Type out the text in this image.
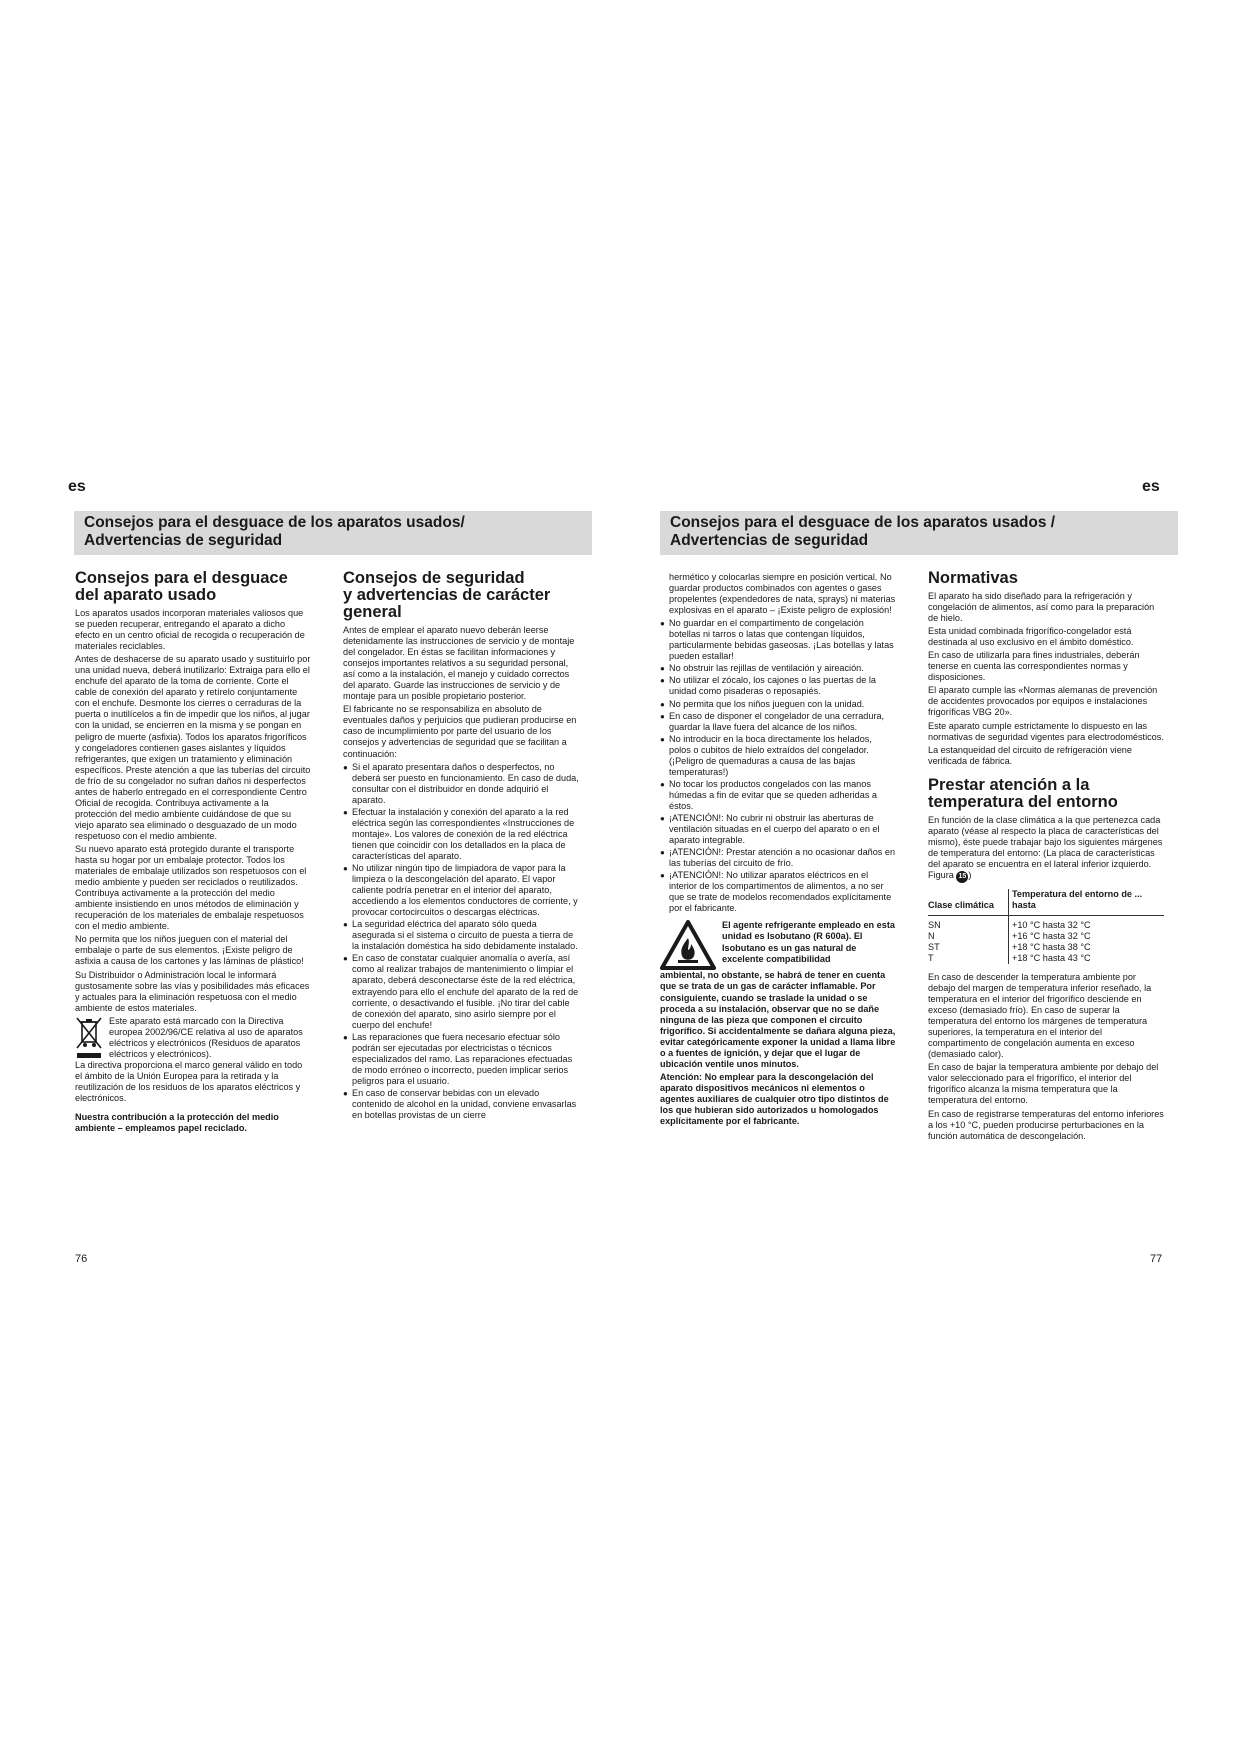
es	es
Consejos para el desguace de los aparatos usados/
Advertencias de seguridad
Consejos para el desguace de los aparatos usados /
Advertencias de seguridad
Consejos para el desguace
del aparato usado

Los aparatos usados incorporan materiales valiosos que se pueden recuperar, entregando el aparato a dicho efecto en un centro oficial de recogida o recuperación de materiales reciclables.

Antes de deshacerse de su aparato usado y sustituirlo por una unidad nueva, deberá inutilizarlo: Extraiga para ello el enchufe del aparato de la toma de corriente. Corte el cable de conexión del aparato y retírelo conjuntamente con el enchufe. Desmonte los cierres o cerraduras de la puerta o inutilícelos a fin de impedir que los niños, al jugar con la unidad, se encierren en la misma y se pongan en peligro de muerte (asfixia). Todos los aparatos frigoríficos y congeladores contienen gases aislantes y líquidos refrigerantes, que exigen un tratamiento y eliminación específicos. Preste atención a que las tuberías del circuito de frío de su congelador no sufran daños ni desperfectos antes de haberlo entregado en el correspondiente Centro Oficial de recogida. Contribuya activamente a la protección del medio ambiente cuidándose de que su viejo aparato sea eliminado o desguazado de un modo respetuoso con el medio ambiente.

Su nuevo aparato está protegido durante el transporte hasta su hogar por un embalaje protector. Todos los materiales de embalaje utilizados son respetuosos con el medio ambiente y pueden ser reciclados o reutilizados. Contribuya activamente a la protección del medio ambiente insistiendo en unos métodos de eliminación y recuperación de los materiales de embalaje respetuosos con el medio ambiente.

No permita que los niños jueguen con el material del embalaje o parte de sus elementos. ¡Existe peligro de asfixia a causa de los cartones y las láminas de plástico!

Su Distribuidor o Administración local le informará gustosamente sobre las vías y posibilidades más eficaces y actuales para la eliminación respetuosa con el medio ambiente de estos materiales.

Este aparato está marcado con la Directiva europea 2002/96/CE relativa al uso de aparatos eléctricos y electrónicos (Residuos de aparatos eléctricos y electrónicos).

La directiva proporciona el marco general válido en todo el ámbito de la Unión Europea para la retirada y la reutilización de los residuos de los aparatos eléctricos y electrónicos.

Nuestra contribución a la protección del medio ambiente – empleamos papel reciclado.

Consejos de seguridad
y advertencias de carácter
general

Antes de emplear el aparato nuevo deberán leerse detenidamente las instrucciones de servicio y de montaje del congelador. En éstas se facilitan informaciones y consejos importantes relativos a su seguridad personal, así como a la instalación, el manejo y cuidado correctos del aparato. Guarde las instrucciones de servicio y de montaje para un posible propietario posterior.

El fabricante no se responsabiliza en absoluto de eventuales daños y perjuicios que pudieran producirse en caso de incumplimiento por parte del usuario de los consejos y advertencias de seguridad que se facilitan a continuación:

● Si el aparato presentara daños o desperfectos, no deberá ser puesto en funcionamiento. En caso de duda, consultar con el distribuidor en donde adquirió el aparato.
● Efectuar la instalación y conexión del aparato a la red eléctrica según las correspondientes «Instrucciones de montaje». Los valores de conexión de la red eléctrica tienen que coincidir con los detallados en la placa de características del aparato.
● No utilizar ningún tipo de limpiadora de vapor para la limpieza o la descongelación del aparato. El vapor caliente podría penetrar en el interior del aparato, accediendo a los elementos conductores de corriente, y provocar cortocircuitos o descargas eléctricas.
● La seguridad eléctrica del aparato sólo queda asegurada si el sistema o circuito de puesta a tierra de la instalación doméstica ha sido debidamente instalado.
● En caso de constatar cualquier anomalía o avería, así como al realizar trabajos de mantenimiento o limpiar el aparato, deberá desconectarse éste de la red eléctrica, extrayendo para ello el enchufe del aparato de la red de corriente, o desactivando el fusible. ¡No tirar del cable de conexión del aparato, sino asirlo siempre por el cuerpo del enchufe!
● Las reparaciones que fuera necesario efectuar sólo podrán ser ejecutadas por electricistas o técnicos especializados del ramo. Las reparaciones efectuadas de modo erróneo o incorrecto, pueden implicar serios peligros para el usuario.
● En caso de conservar bebidas con un elevado contenido de alcohol en la unidad, conviene envasarlas en botellas provistas de un cierre
76

hermético y colocarlas siempre en posición vertical. No guardar productos combinados con agentes o gases propelentes (expendedores de nata, sprays) ni materias explosivas en el aparato – ¡Existe peligro de explosión!

● No guardar en el compartimento de congelación botellas ni tarros o latas que contengan líquidos, particularmente bebidas gaseosas. ¡Las botellas y latas pueden estallar!
● No obstruir las rejillas de ventilación y aireación.
● No utilizar el zócalo, los cajones o las puertas de la unidad como pisaderas o reposapiés.
● No permita que los niños jueguen con la unidad.
● En caso de disponer el congelador de una cerradura, guardar la llave fuera del alcance de los niños.
● No introducir en la boca directamente los helados, polos o cubitos de hielo extraídos del congelador. (¡Peligro de quemaduras a causa de las bajas temperaturas!)
● No tocar los productos congelados con las manos húmedas a fin de evitar que se queden adheridas a éstos.
● ¡ATENCIÓN!: No cubrir ni obstruir las aberturas de ventilación situadas en el cuerpo del aparato o en el aparato integrable.
● ¡ATENCIÓN!: Prestar atención a no ocasionar daños en las tuberías del circuito de frío.
● ¡ATENCIÓN!: No utilizar aparatos eléctricos en el interior de los compartimentos de alimentos, a no ser que se trate de modelos recomendados explícitamente por el fabricante.
El agente refrigerante empleado en esta unidad es Isobutano (R 600a). El Isobutano es un gas natural de excelente compatibilidad

ambiental, no obstante, se habrá de tener en cuenta que se trata de un gas de carácter inflamable. Por consiguiente, cuando se traslade la unidad o se proceda a su instalación, observar que no se dañe ninguna de las pieza que componen el circuito frigorífico. Si accidentalmente se dañara alguna pieza, evitar categóricamente exponer la unidad a llama libre o a fuentes de ignición, y dejar que el lugar de ubicación ventile unos minutos.

Atención: No emplear para la descongelación del aparato dispositivos mecánicos ni elementos o agentes auxiliares de cualquier otro tipo distintos de los que hubieran sido autorizados u homologados explícitamente por el fabricante.

Normativas

El aparato ha sido diseñado para la refrigeración y congelación de alimentos, así como para la preparación de hielo.

Esta unidad combinada frigorífico-congelador está destinada al uso exclusivo en el ámbito doméstico.

En caso de utilizarla para fines industriales, deberán tenerse en cuenta las correspondientes normas y disposiciones.

El aparato cumple las «Normas alemanas de prevención de accidentes provocados por equipos e instalaciones frigoríficas VBG 20».

Este aparato cumple estrictamente lo dispuesto en las normativas de seguridad vigentes para electrodomésticos.

La estanqueidad del circuito de refrigeración viene verificada de fábrica.

Prestar atención a la
temperatura del entorno

En función de la clase climática a la que pertenezca cada aparato (véase al respecto la placa de características del mismo), éste puede trabajar bajo los siguientes márgenes de temperatura del entorno: (La placa de características del aparato se encuentra en el lateral inferior izquierdo. Figura 15 )

Clase climática	Temperatura del entorno de ... hasta
SN	+10 °C hasta 32 °C
N	+16 °C hasta 32 °C
ST	+18 °C hasta 38 °C
T	+18 °C hasta 43 °C

En caso de descender la temperatura ambiente por debajo del margen de temperatura inferior reseñado, la temperatura en el interior del frigorífico desciende en exceso (demasiado frío). En caso de superar la temperatura del entorno los márgenes de temperatura superiores, la temperatura en el interior del compartimento de congelación aumenta en exceso (demasiado calor).

En caso de bajar la temperatura ambiente por debajo del valor seleccionado para el frigorífico, el interior del frigorífico alcanza la misma temperatura que la temperatura del entorno.

En caso de registrarse temperaturas del entorno inferiores a los +10 °C, pueden producirse perturbaciones en la función automática de descongelación.

77
